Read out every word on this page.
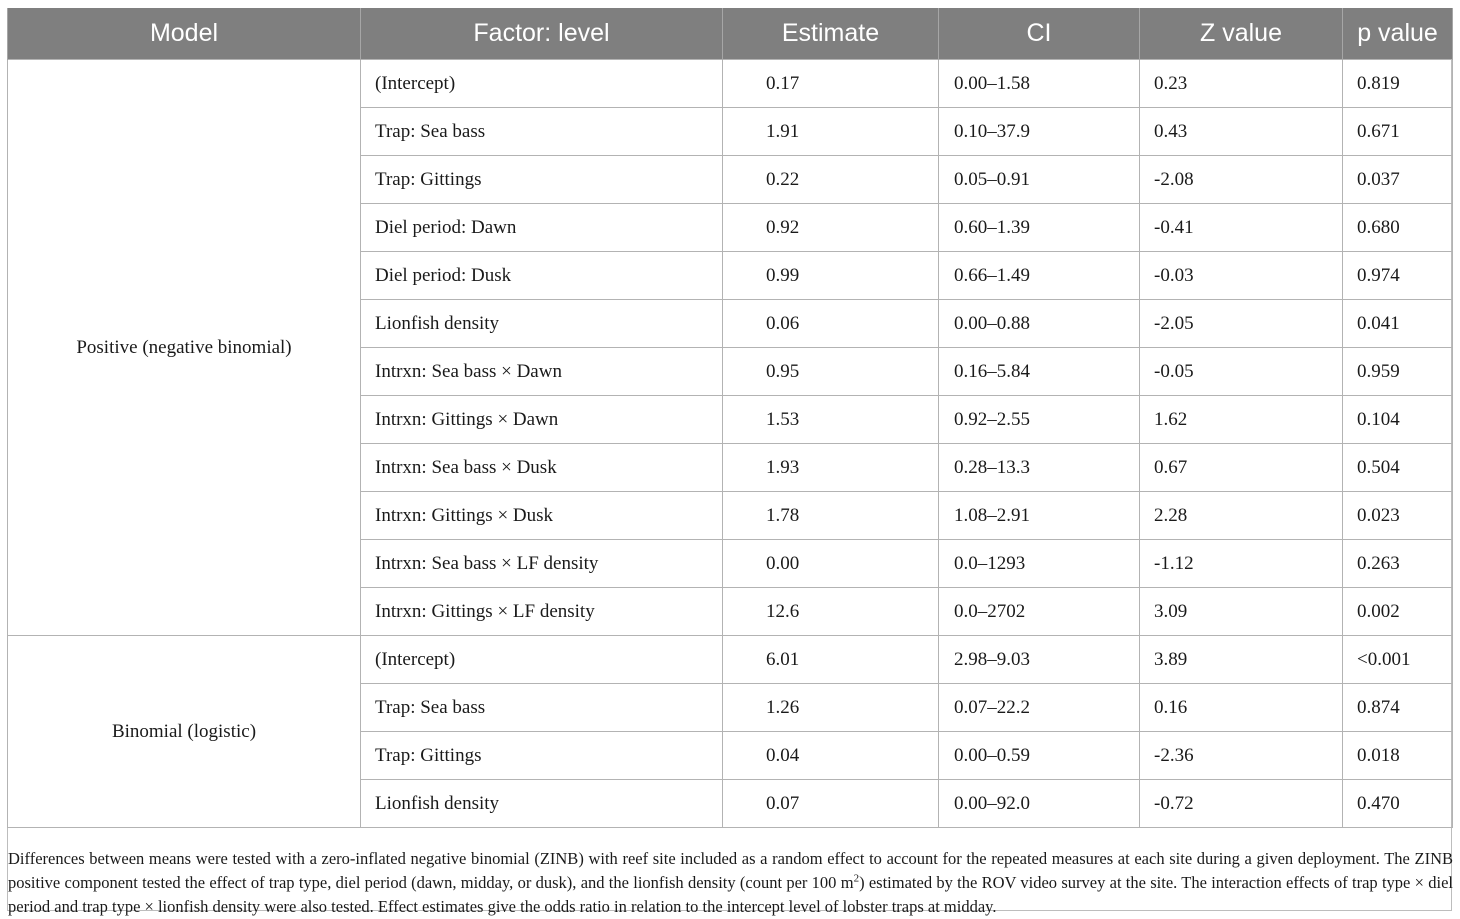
Model	Factor: level	Estimate	CI	Z value	p value
Positive (negative binomial)	(Intercept)	0.17	0.00–1.58	0.23	0.819
	Trap: Sea bass	1.91	0.10–37.9	0.43	0.671
	Trap: Gittings	0.22	0.05–0.91	-2.08	0.037
	Diel period: Dawn	0.92	0.60–1.39	-0.41	0.680
	Diel period: Dusk	0.99	0.66–1.49	-0.03	0.974
	Lionfish density	0.06	0.00–0.88	-2.05	0.041
	Intrxn: Sea bass × Dawn	0.95	0.16–5.84	-0.05	0.959
	Intrxn: Gittings × Dawn	1.53	0.92–2.55	1.62	0.104
	Intrxn: Sea bass × Dusk	1.93	0.28–13.3	0.67	0.504
	Intrxn: Gittings × Dusk	1.78	1.08–2.91	2.28	0.023
	Intrxn: Sea bass × LF density	0.00	0.0–1293	-1.12	0.263
	Intrxn: Gittings × LF density	12.6	0.0–2702	3.09	0.002
Binomial (logistic)	(Intercept)	6.01	2.98–9.03	3.89	<0.001
	Trap: Sea bass	1.26	0.07–22.2	0.16	0.874
	Trap: Gittings	0.04	0.00–0.59	-2.36	0.018
	Lionfish density	0.07	0.00–92.0	-0.72	0.470
Differences between means were tested with a zero-inflated negative binomial (ZINB) with reef site included as a random effect to account for the repeated measures at each site during a given deployment. The ZINB positive component tested the effect of trap type, diel period (dawn, midday, or dusk), and the lionfish density (count per 100 $m^2$) estimated by the ROV video survey at the site. The interaction effects of trap type × diel period and trap type × lionfish density were also tested. Effect estimates give the odds ratio in relation to the intercept level of lobster traps at midday.
